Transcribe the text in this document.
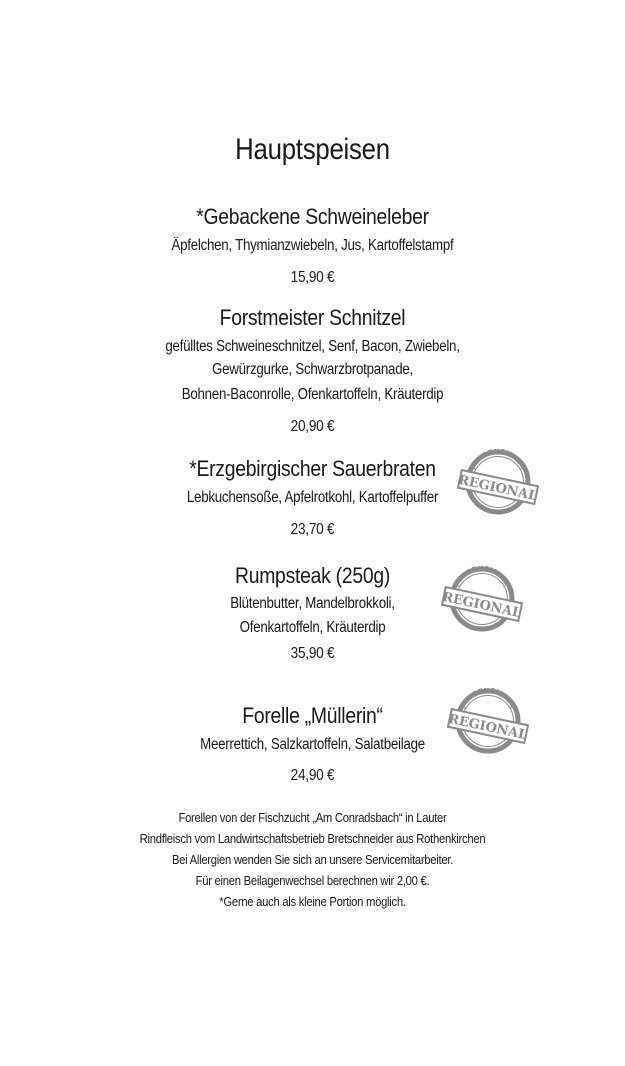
Hauptspeisen
*Gebackene Schweineleber
Äpfelchen, Thymianzwiebeln, Jus, Kartoffelstampf
15,90 €
Forstmeister Schnitzel
gefülltes Schweineschnitzel, Senf, Bacon, Zwiebeln,
Gewürzgurke, Schwarzbrotpanade,
Bohnen-Baconrolle, Ofenkartoffeln, Kräuterdip
20,90 €
*Erzgebirgischer Sauerbraten
Lebkuchensoße, Apfelrotkohl, Kartoffelpuffer
23,70 €
FORSTMEISTER
REGIONAL
Rumpsteak (250g)
Blütenbutter, Mandelbrokkoli,
Ofenkartoffeln, Kräuterdip
35,90 €
FORSTMEISTER
REGIONAL
Forelle „Müllerin“
Meerrettich, Salzkartoffeln, Salatbeilage
24,90 €
FORSTMEISTER
REGIONAL
Forellen von der Fischzucht „Am Conradsbach“ in Lauter
Rindfleisch vom Landwirtschaftsbetrieb Bretschneider aus Rothenkirchen
Bei Allergien wenden Sie sich an unsere Servicemitarbeiter.
Für einen Beilagenwechsel berechnen wir 2,00 €.
*Gerne auch als kleine Portion möglich.
